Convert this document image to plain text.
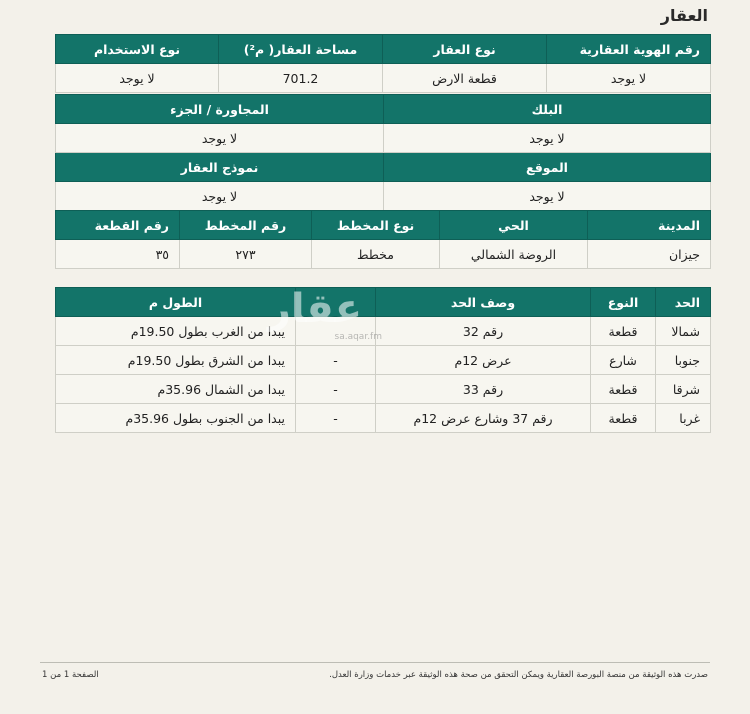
العقار
رقم الهوية العقارية	نوع العقار	مساحة العقار( م²)	نوع الاستخدام
لا يوجد	قطعة الارض	701.2	لا يوجد
البلك	المجاورة / الجزء
لا يوجد	لا يوجد
الموقع	نموذج العقار
لا يوجد	لا يوجد
المدينة	الحي	نوع المخطط	رقم المخطط	رقم القطعة
جيزان	الروضة الشمالي	مخطط	٢٧٣	٣٥
الحد	النوع	وصف الحد		الطول م
شمالا	قطعة	رقم 32		يبدا من الغرب بطول 19.50م
جنوبا	شارع	عرض 12م	-	يبدا من الشرق بطول 19.50م
شرقا	قطعة	رقم 33	-	يبدا من الشمال 35.96م
غربا	قطعة	رقم 37 وشارع عرض 12م	-	يبدا من الجنوب بطول 35.96م
عقار
sa.aqar.fm
صدرت هذه الوثيقة من منصة البورصة العقارية ويمكن التحقق من صحة هذه الوثيقة عبر خدمات وزارة العدل.
الصفحة 1 من 1
